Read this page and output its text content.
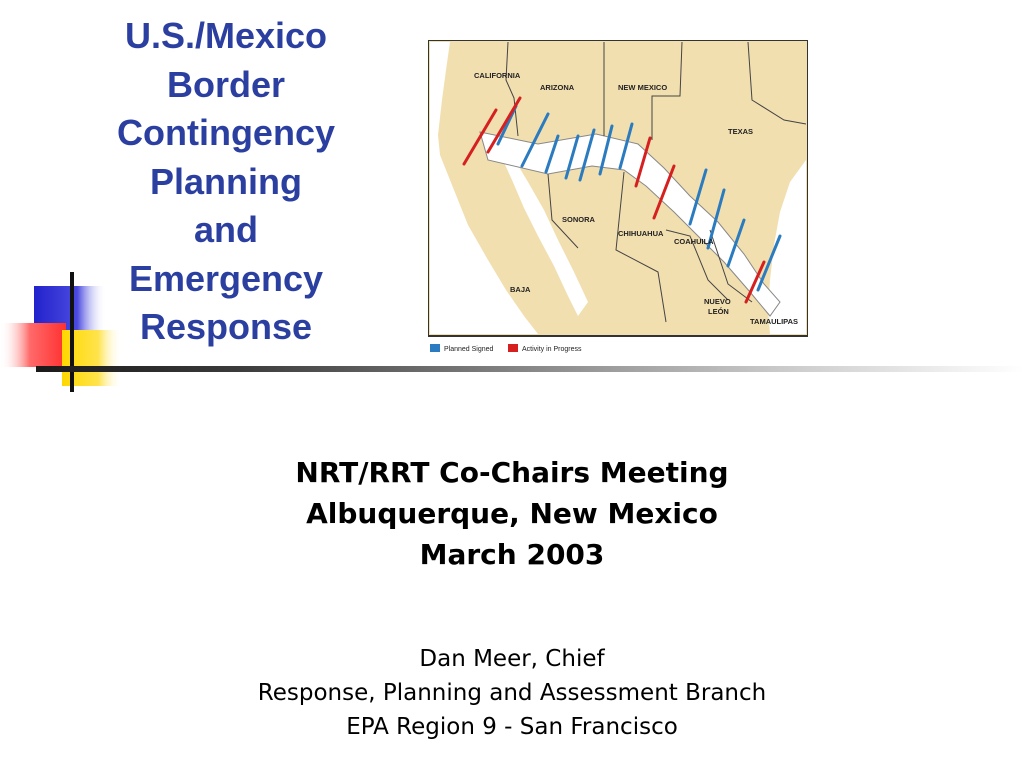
U.S./Mexico
Border
Contingency
Planning
and
Emergency
Response
CALIFORNIA
ARIZONA	NEW MEXICO
TEXAS
SONORA
CHIHUAHUA
COAHUILA
BAJA
NUEVO
LEÓN
TAMAULIPAS
Planned Signed	Activity in Progress
NRT/RRT Co-Chairs Meeting
Albuquerque, New Mexico
March 2003
Dan Meer, Chief
Response, Planning and Assessment Branch
EPA Region 9 - San Francisco
